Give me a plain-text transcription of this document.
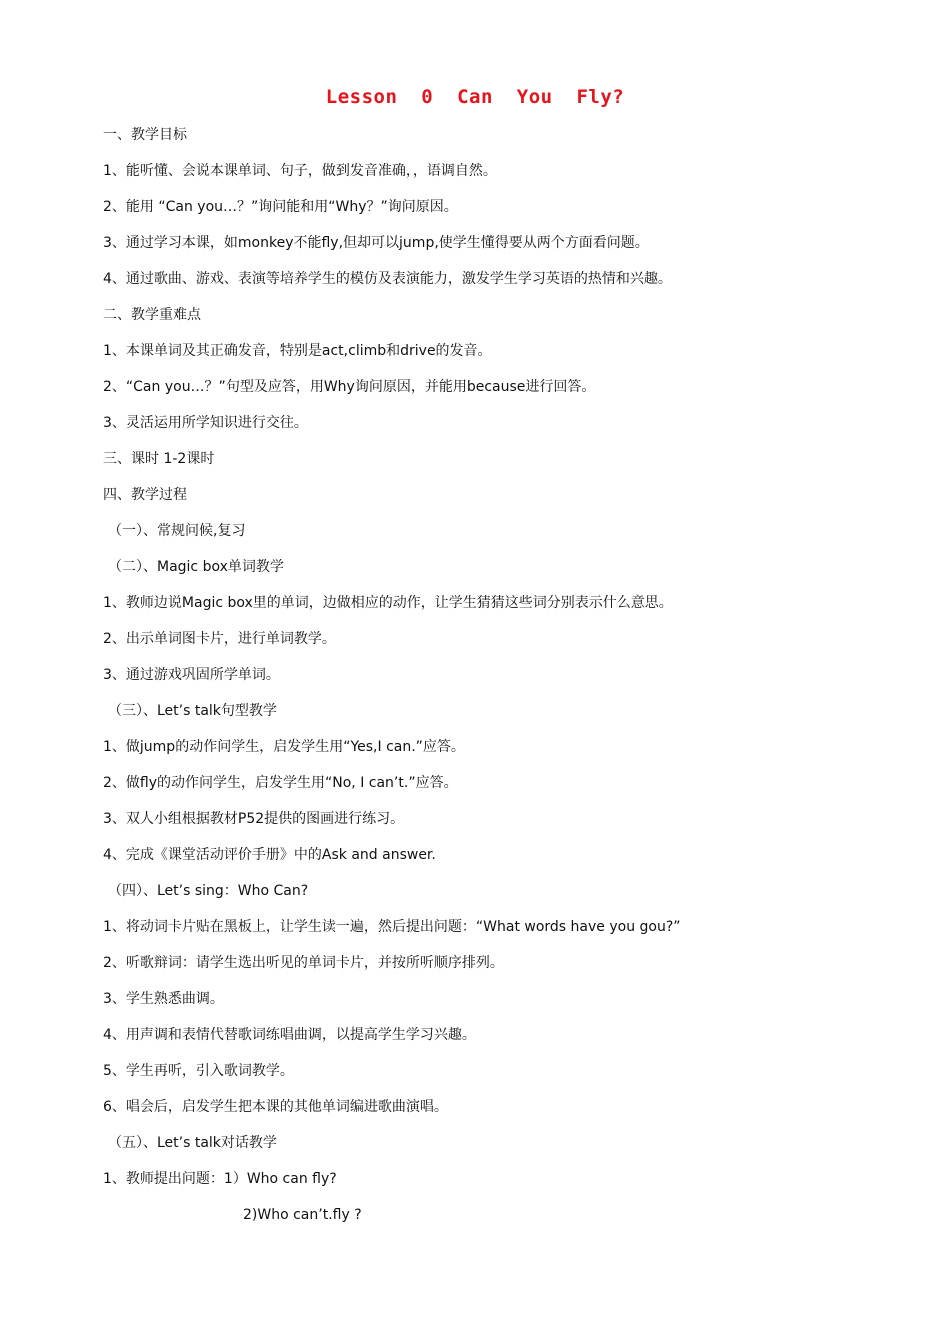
Lesson  0  Can  You  Fly?
一、教学目标
1、能听懂、会说本课单词、句子，做到发音准确，，语调自然。
2、能用 “Can you…？”询问能和用“Why？”询问原因。
3、通过学习本课，如monkey不能fly,但却可以jump,使学生懂得要从两个方面看问题。
4、通过歌曲、游戏、表演等培养学生的模仿及表演能力，激发学生学习英语的热情和兴趣。
二、教学重难点
1、本课单词及其正确发音，特别是act,climb和drive的发音。
2、“Can you…？”句型及应答，用Why询问原因，并能用because进行回答。
3、灵活运用所学知识进行交往。
三、课时 1-2课时
四、教学过程
（一）、常规问候,复习
（二）、Magic box单词教学
1、教师边说Magic box里的单词，边做相应的动作，让学生猜猜这些词分别表示什么意思。
2、出示单词图卡片，进行单词教学。
3、通过游戏巩固所学单词。
（三）、Let’s talk句型教学
1、做jump的动作问学生，启发学生用“Yes,I can.”应答。
2、做fly的动作问学生，启发学生用“No, I can’t.”应答。
3、双人小组根据教材P52提供的图画进行练习。
4、完成《课堂活动评价手册》中的Ask and answer.
（四）、Let’s sing：Who Can?
1、将动词卡片贴在黑板上，让学生读一遍，然后提出问题：“What words have you gou?”
2、听歌辩词：请学生选出听见的单词卡片，并按所听顺序排列。
3、学生熟悉曲调。
4、用声调和表情代替歌词练唱曲调，以提高学生学习兴趣。
5、学生再听，引入歌词教学。
6、唱会后，启发学生把本课的其他单词编进歌曲演唱。
（五）、Let’s talk对话教学
1、教师提出问题：1）Who can fly?
2)Who can’t.fly ?
